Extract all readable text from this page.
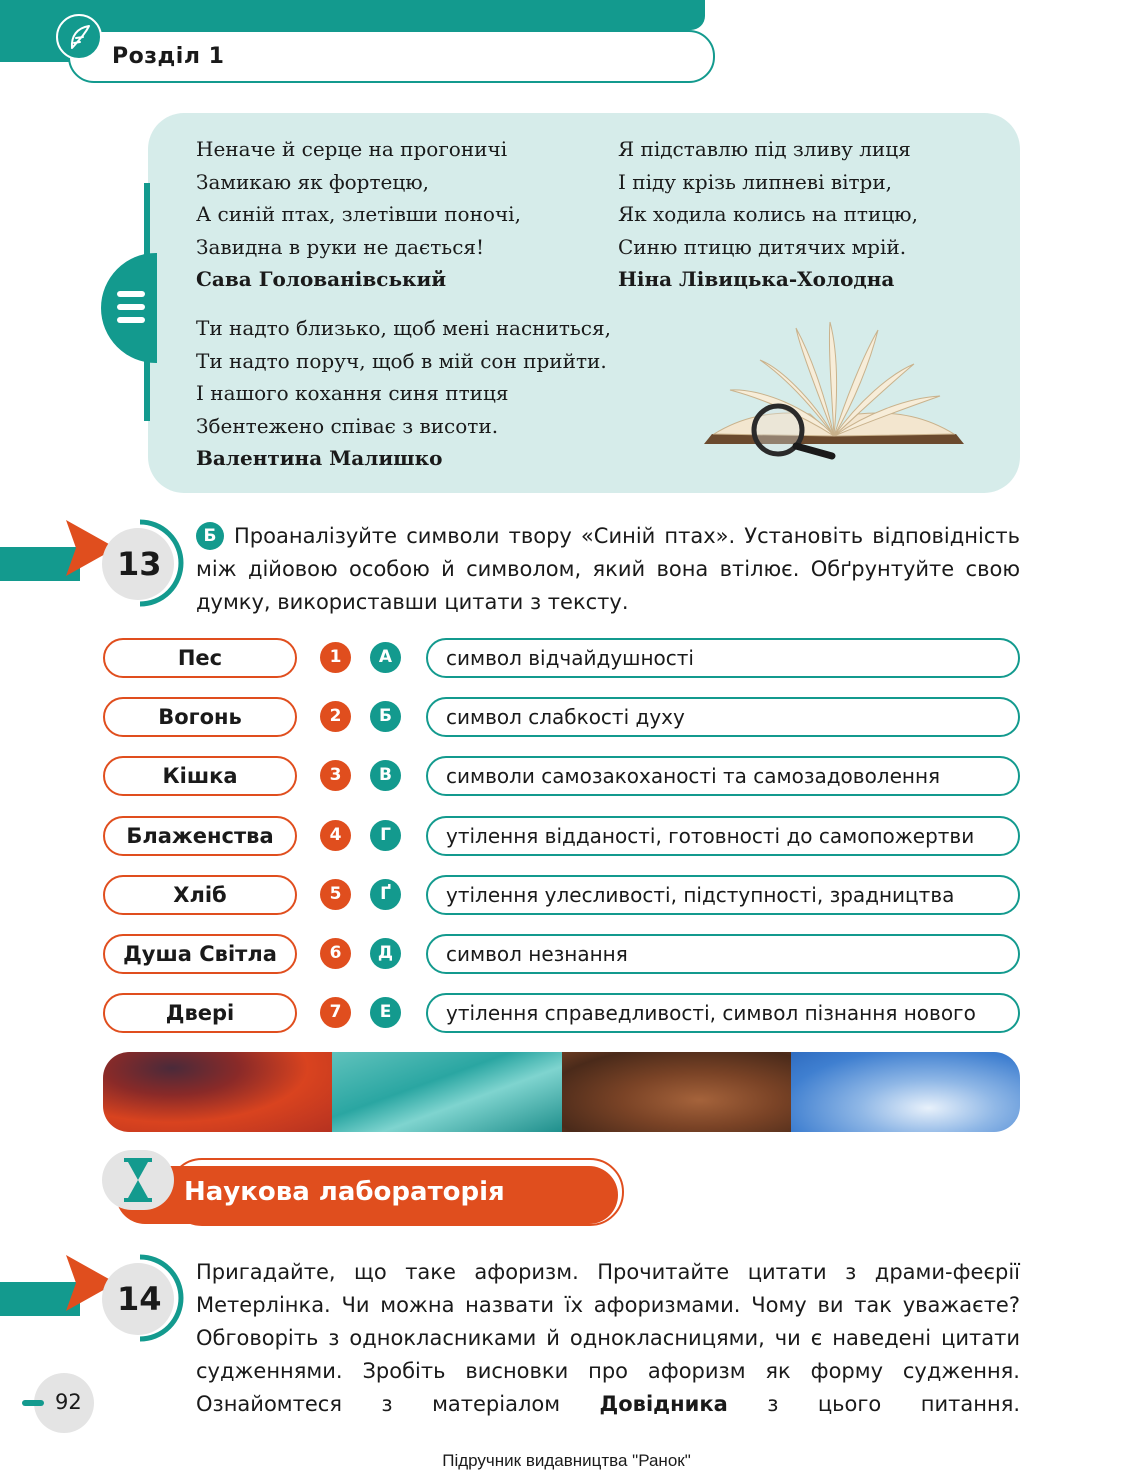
Розділ 1
Неначе й серце на прогоничі
Замикаю як фортецю,
А синій птах, злетівши поночі,
Завидна в руки не дається!
Сава Голованівський
Я підставлю під зливу лиця
І піду крізь липневі вітри,
Як ходила колись на птицю,
Синю птицю дитячих мрій.
Ніна Лівицька-Холодна
Ти надто близько, щоб мені насниться,
Ти надто поруч, щоб в мій сон прийти.
І нашого кохання синя птиця
Збентежено співає з висоти.
Валентина Малишко
13
Б Проаналізуйте символи твору «Синій птах». Установіть відповідність між дійовою особою й символом, який вона втілює. Обґрунтуйте свою думку, використавши цитати з тексту.
Пес	1	А	символ відчайдушності
Вогонь	2	Б	символ слабкості духу
Кішка	3	В	символи самозакоханості та самозадоволення
Блаженства	4	Г	утілення відданості, готовності до самопожертви
Хліб	5	Ґ	утілення улесливості, підступності, зрадництва
Душа Світла	6	Д	символ незнання
Двері	7	Е	утілення справедливості, символ пізнання нового
Наукова лабораторія
14
Пригадайте, що таке афоризм. Прочитайте цитати з драми-феєрії Метерлінка. Чи можна назвати їх афоризмами. Чому ви так уважаєте? Обговоріть з однокласниками й однокласницями, чи є наведені цитати судженнями. Зробіть висновки про афоризм як форму судження. Ознайомтеся з матеріалом Довідника з цього питання.
92
Підручник видавництва "Ранок"
